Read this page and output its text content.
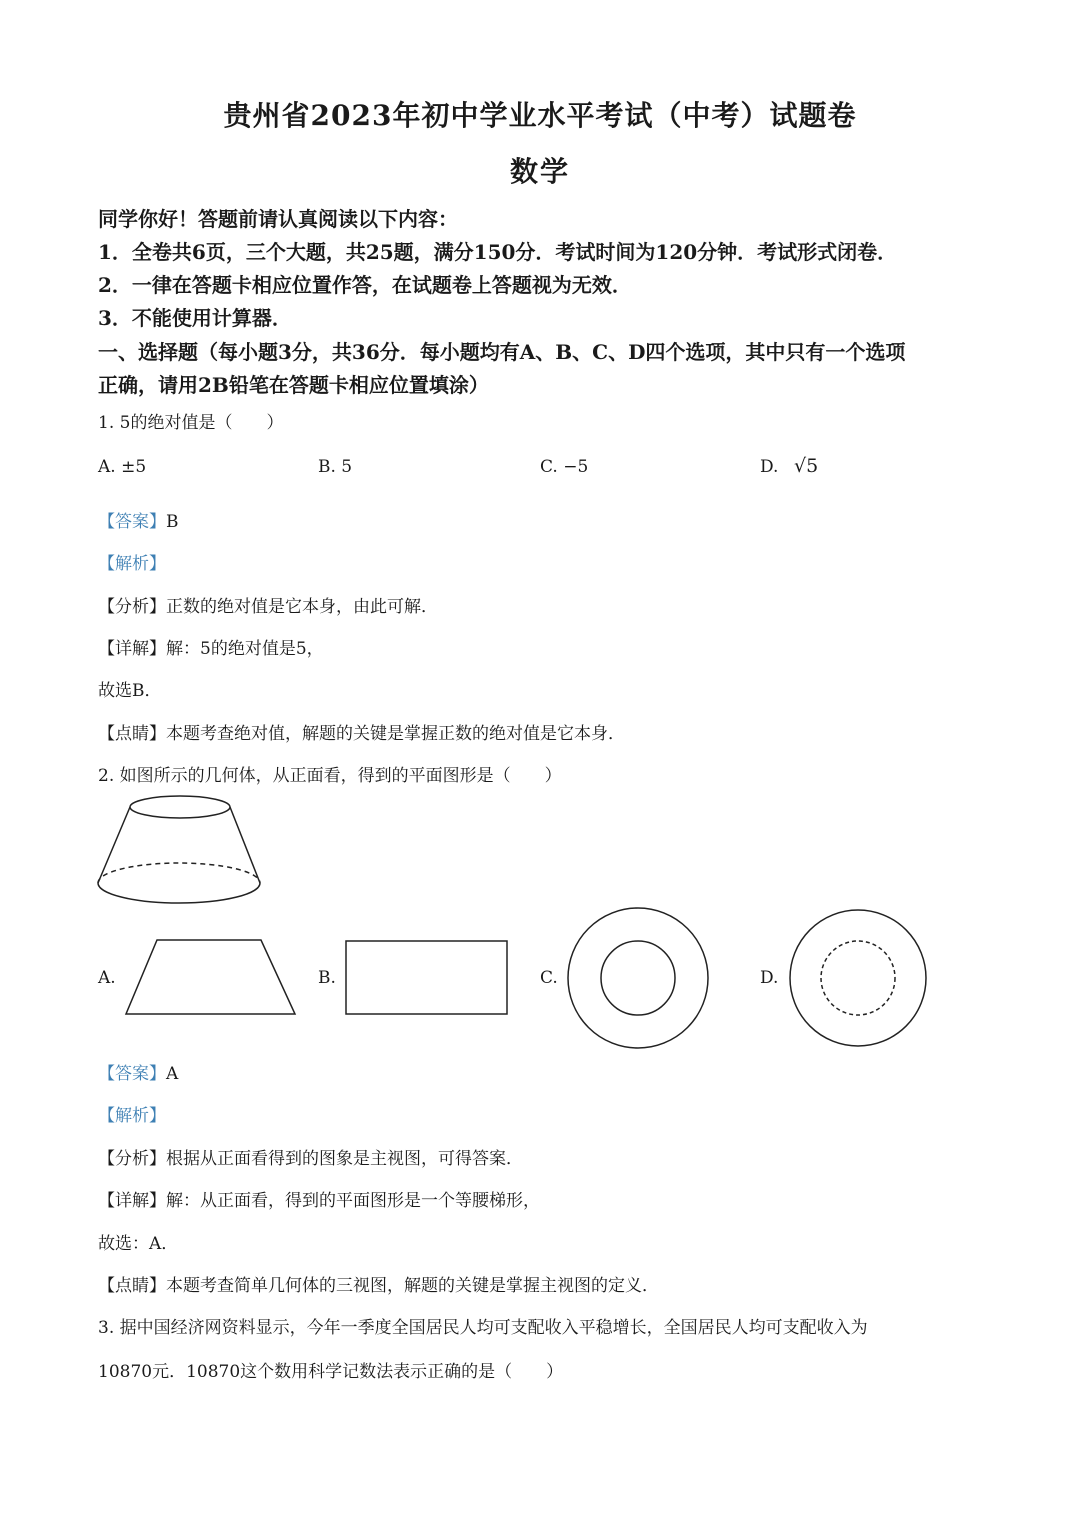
贵州省2023年初中学业水平考试（中考）试题卷
数学
同学你好！答题前请认真阅读以下内容：
1．全卷共6页，三个大题，共25题，满分150分．考试时间为120分钟．考试形式闭卷．
2．一律在答题卡相应位置作答，在试题卷上答题视为无效．
3．不能使用计算器．
一、选择题（每小题3分，共36分．每小题均有A、B、C、D四个选项，其中只有一个选项
正确，请用2B铅笔在答题卡相应位置填涂）
1. 5的绝对值是（　　）
A. ±5	B. 5	C. −5	D. √5
【答案】B
【解析】
【分析】正数的绝对值是它本身，由此可解．
【详解】解：5的绝对值是5，
故选B．
【点睛】本题考查绝对值，解题的关键是掌握正数的绝对值是它本身．
2. 如图所示的几何体，从正面看，得到的平面图形是（　　）
A.	B.	C.	D.
【答案】A
【解析】
【分析】根据从正面看得到的图象是主视图，可得答案．
【详解】解：从正面看，得到的平面图形是一个等腰梯形，
故选：A．
【点睛】本题考查简单几何体的三视图，解题的关键是掌握主视图的定义．
3. 据中国经济网资料显示，今年一季度全国居民人均可支配收入平稳增长，全国居民人均可支配收入为
10870元．10870这个数用科学记数法表示正确的是（　　）
